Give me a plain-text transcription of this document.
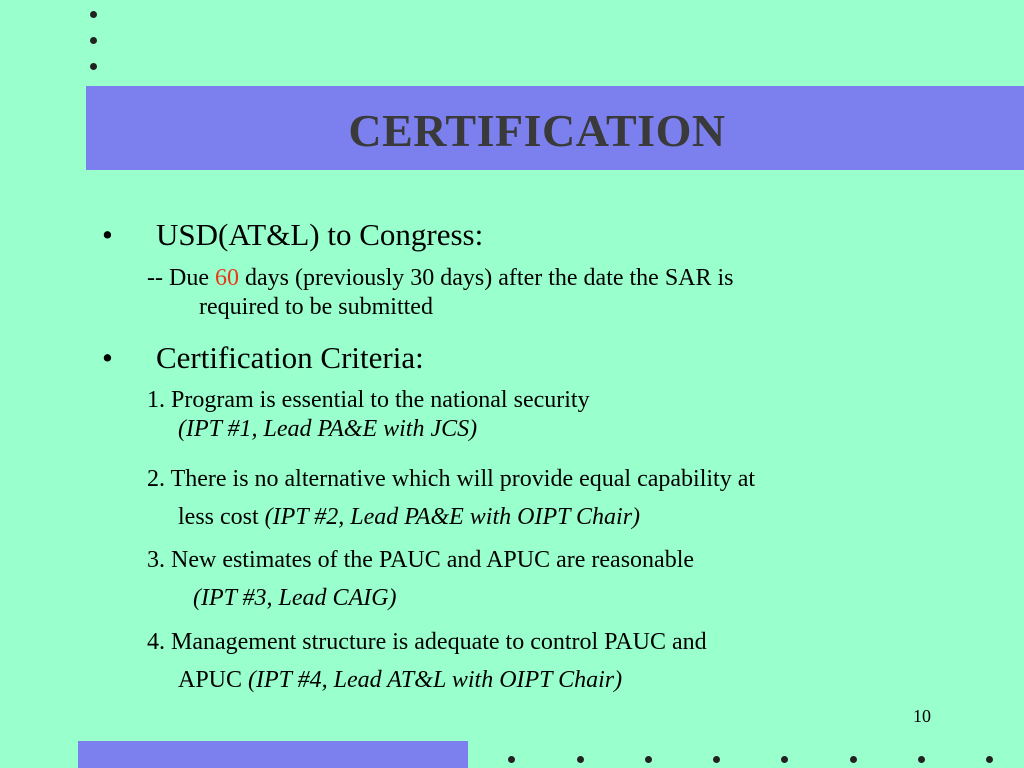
CERTIFICATION
• USD(AT&L) to Congress:
-- Due 60 days (previously 30 days) after the date the SAR is
required to be submitted
• Certification Criteria:
1. Program is essential to the national security
(IPT #1, Lead PA&E with JCS)
2. There is no alternative which will provide equal capability at
less cost (IPT #2, Lead PA&E with OIPT Chair)
3. New estimates of the PAUC and APUC are reasonable
(IPT #3, Lead CAIG)
4. Management structure is adequate to control PAUC and
APUC (IPT #4, Lead AT&L with OIPT Chair)
10
